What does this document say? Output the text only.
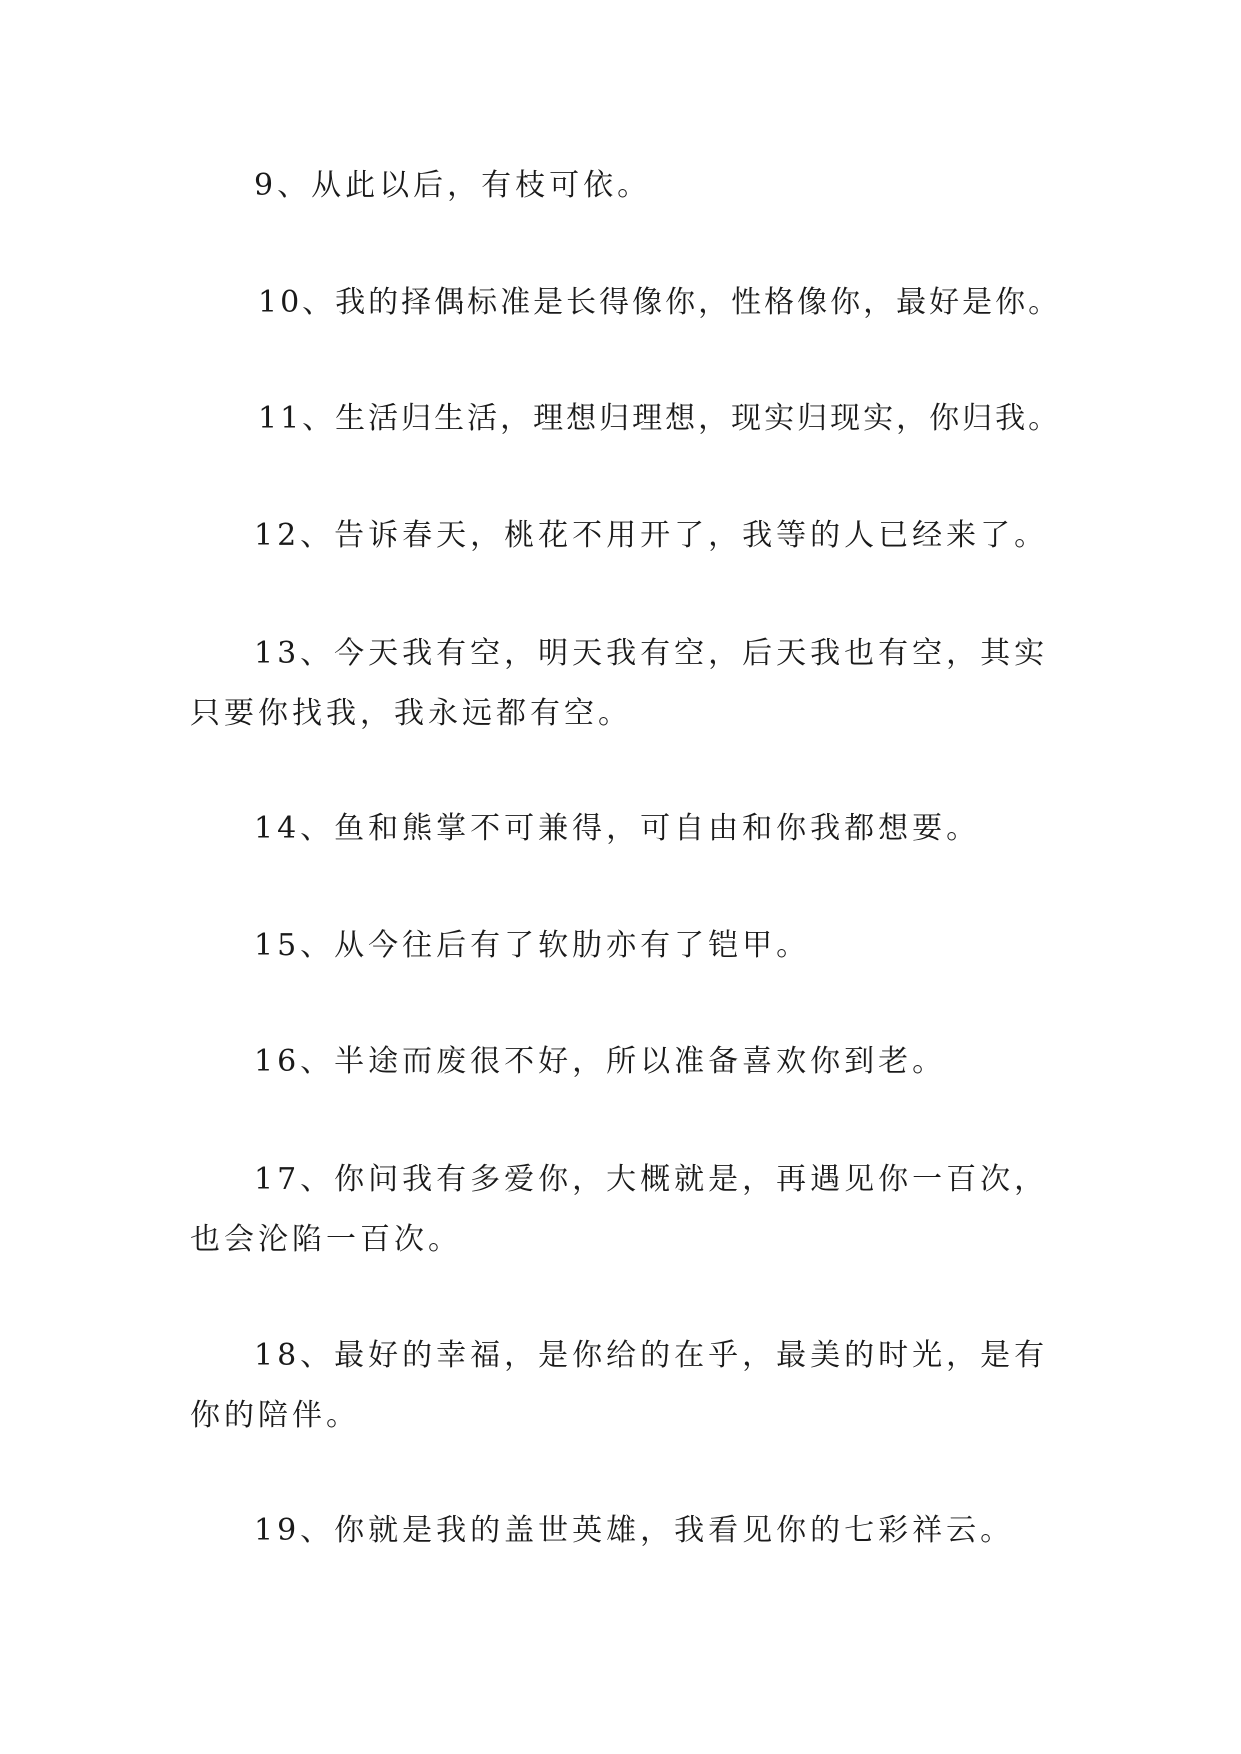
9、从此以后，有枝可依。

10、我的择偶标准是长得像你，性格像你，最好是你。

11、生活归生活，理想归理想，现实归现实，你归我。

12、告诉春天，桃花不用开了，我等的人已经来了。

13、今天我有空，明天我有空，后天我也有空，其实只要你找我，我永远都有空。

14、鱼和熊掌不可兼得，可自由和你我都想要。

15、从今往后有了软肋亦有了铠甲。

16、半途而废很不好，所以准备喜欢你到老。

17、你问我有多爱你，大概就是，再遇见你一百次，也会沦陷一百次。

18、最好的幸福，是你给的在乎，最美的时光，是有你的陪伴。

19、你就是我的盖世英雄，我看见你的七彩祥云。
